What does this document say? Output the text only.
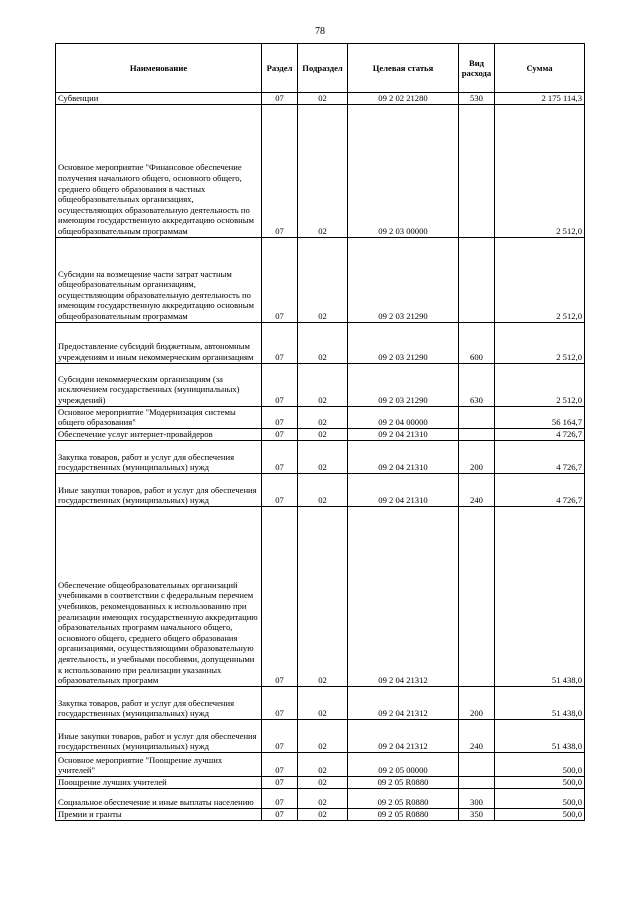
78
Наименование	Раздел	Подраздел	Целевая статья	Вид расхода	Сумма
Субвенции	07	02	09 2 02 21280	530	2 175 114,3
Основное мероприятие "Финансовое обеспечение получения начального общего, основного общего, среднего общего образования в частных общеобразовательных организациях, осуществляющих образовательную деятельность по имеющим государственную аккредитацию основным общеобразовательным программам	07	02	09 2 03 00000		2 512,0
Субсидии на возмещение части затрат частным общеобразовательным организациям, осуществляющим образовательную деятельность по имеющим государственную аккредитацию основным общеобразовательным программам	07	02	09 2 03 21290		2 512,0
Предоставление субсидий бюджетным, автономным учреждениям и иным некоммерческим организациям	07	02	09 2 03 21290	600	2 512,0
Субсидии некоммерческим организациям (за исключением государственных (муниципальных) учреждений)	07	02	09 2 03 21290	630	2 512,0
Основное мероприятие "Модернизация системы общего образования"	07	02	09 2 04 00000		56 164,7
Обеспечение услуг интернет-провайдеров	07	02	09 2 04 21310		4 726,7
Закупка товаров, работ и услуг для обеспечения государственных (муниципальных) нужд	07	02	09 2 04 21310	200	4 726,7
Иные закупки товаров, работ и услуг для обеспечения государственных (муниципальных) нужд	07	02	09 2 04 21310	240	4 726,7
Обеспечение общеобразовательных организаций учебниками в соответствии с федеральным перечнем учебников, рекомендованных к использованию при реализации имеющих государственную аккредитацию образовательных программ начального общего, основного общего, среднего общего образования организациями, осуществляющими образовательную деятельность, и учебными пособиями, допущенными к использованию при реализации указанных образовательных программ	07	02	09 2 04 21312		51 438,0
Закупка товаров, работ и услуг для обеспечения государственных (муниципальных) нужд	07	02	09 2 04 21312	200	51 438,0
Иные закупки товаров, работ и услуг для обеспечения государственных (муниципальных) нужд	07	02	09 2 04 21312	240	51 438,0
Основное мероприятие "Поощрение лучших учителей"	07	02	09 2 05 00000		500,0
Поощрение лучших учителей	07	02	09 2 05 R0880		500,0
Социальное обеспечение и иные выплаты населению	07	02	09 2 05 R0880	300	500,0
Премии и гранты	07	02	09 2 05 R0880	350	500,0
